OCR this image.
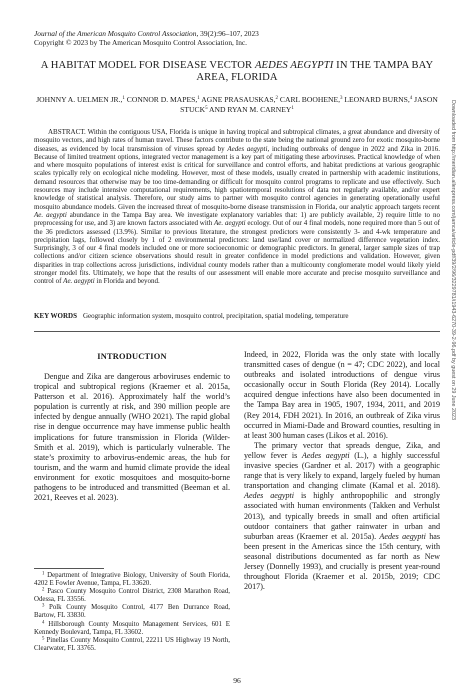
Journal of the American Mosquito Control Association, 39(2):96–107, 2023
Copyright © 2023 by The American Mosquito Control Association, Inc.
A HABITAT MODEL FOR DISEASE VECTOR AEDES AEGYPTI IN THE TAMPA BAY AREA, FLORIDA
JOHNNY A. UELMEN JR.,$^1$ CONNOR D. MAPES,$^1$ AGNE PRASAUSKAS,$^2$ CARL BOOHENE,$^3$ LEONARD BURNS,$^4$ JASON STUCK$^5$ AND RYAN M. CARNEY$^1$
ABSTRACT. Within the contiguous USA, Florida is unique in having tropical and subtropical climates, a great abundance and diversity of mosquito vectors, and high rates of human travel. These factors contribute to the state being the national ground zero for exotic mosquito-borne diseases, as evidenced by local transmission of viruses spread by Aedes aegypti, including outbreaks of dengue in 2022 and Zika in 2016. Because of limited treatment options, integrated vector management is a key part of mitigating these arboviruses. Practical knowledge of when and where mosquito populations of interest exist is critical for surveillance and control efforts, and habitat predictions at various geographic scales typically rely on ecological niche modeling. However, most of these models, usually created in partnership with academic institutions, demand resources that otherwise may be too time-demanding or difficult for mosquito control programs to replicate and use effectively. Such resources may include intensive computational requirements, high spatiotemporal resolutions of data not regularly available, and/or expert knowledge of statistical analysis. Therefore, our study aims to partner with mosquito control agencies in generating operationally useful mosquito abundance models. Given the increased threat of mosquito-borne disease transmission in Florida, our analytic approach targets recent Ae. aegypti abundance in the Tampa Bay area. We investigate explanatory variables that: 1) are publicly available, 2) require little to no preprocessing for use, and 3) are known factors associated with Ae. aegypti ecology. Out of our 4 final models, none required more than 5 out of the 36 predictors assessed (13.9%). Similar to previous literature, the strongest predictors were consistently 3- and 4-wk temperature and precipitation lags, followed closely by 1 of 2 environmental predictors: land use/land cover or normalized difference vegetation index. Surprisingly, 3 of our 4 final models included one or more socioeconomic or demographic predictors. In general, larger sample sizes of trap collections and/or citizen science observations should result in greater confidence in model predictions and validation. However, given disparities in trap collections across jurisdictions, individual county models rather than a multicounty conglomerate model would likely yield stronger model fits. Ultimately, we hope that the results of our assessment will enable more accurate and precise mosquito surveillance and control of Ae. aegypti in Florida and beyond.
KEY WORDS Geographic information system, mosquito control, precipitation, spatial modeling, temperature
INTRODUCTION

Dengue and Zika are dangerous arboviruses endemic to tropical and subtropical regions (Kraemer et al. 2015a, Patterson et al. 2016). Approximately half the world’s population is currently at risk, and 390 million people are infected by dengue annually (WHO 2021). The rapid global rise in dengue occurrence may have immense public health implications for future transmission in Florida (Wilder-Smith et al. 2019), which is particularly vulnerable. The state’s proximity to arbovirus-endemic areas, the hub for tourism, and the warm and humid climate provide the ideal environment for exotic mosquitoes and mosquito-borne pathogens to be introduced and transmitted (Beeman et al. 2021, Reeves et al. 2023).

$^1$ Department of Integrative Biology, University of South Florida, 4202 E Fowler Avenue, Tampa, FL 33620.

$^2$ Pasco County Mosquito Control District, 2308 Marathon Road, Odessa, FL 33556.

$^3$ Polk County Mosquito Control, 4177 Ben Durrance Road, Bartow, FL 33830.

$^4$ Hillsborough County Mosquito Management Services, 601 E Kennedy Boulevard, Tampa, FL 33602.

$^5$ Pinellas County Mosquito Control, 22211 US Highway 19 North, Clearwater, FL 33765.

Indeed, in 2022, Florida was the only state with locally transmitted cases of dengue (n = 47; CDC 2022), and local outbreaks and isolated introductions of dengue virus occasionally occur in South Florida (Rey 2014). Locally acquired dengue infections have also been documented in the Tampa Bay area in 1905, 1907, 1934, 2011, and 2019 (Rey 2014, FDH 2021). In 2016, an outbreak of Zika virus occurred in Miami-Dade and Broward counties, resulting in at least 300 human cases (Likos et al. 2016).

The primary vector that spreads dengue, Zika, and yellow fever is Aedes aegypti (L.), a highly successful invasive species (Gardner et al. 2017) with a geographic range that is very likely to expand, largely fueled by human transportation and changing climate (Kamal et al. 2018). Aedes aegypti is highly anthropophilic and strongly associated with human environments (Takken and Verhulst 2013), and typically breeds in small and often artificial outdoor containers that gather rainwater in urban and suburban areas (Kraemer et al. 2015a). Aedes aegypti has been present in the Americas since the 15th century, with seasonal distributions documented as far north as New Jersey (Donnelly 1993), and crucially is present year-round throughout Florida (Kraemer et al. 2015b, 2019; CDC 2017).

96
Downloaded from http://meridian.allenpress.com/jamca/article-pdf/39/2/96/3229781/i1943-6270-39-2-96.pdf by guest on 29 June 2023
